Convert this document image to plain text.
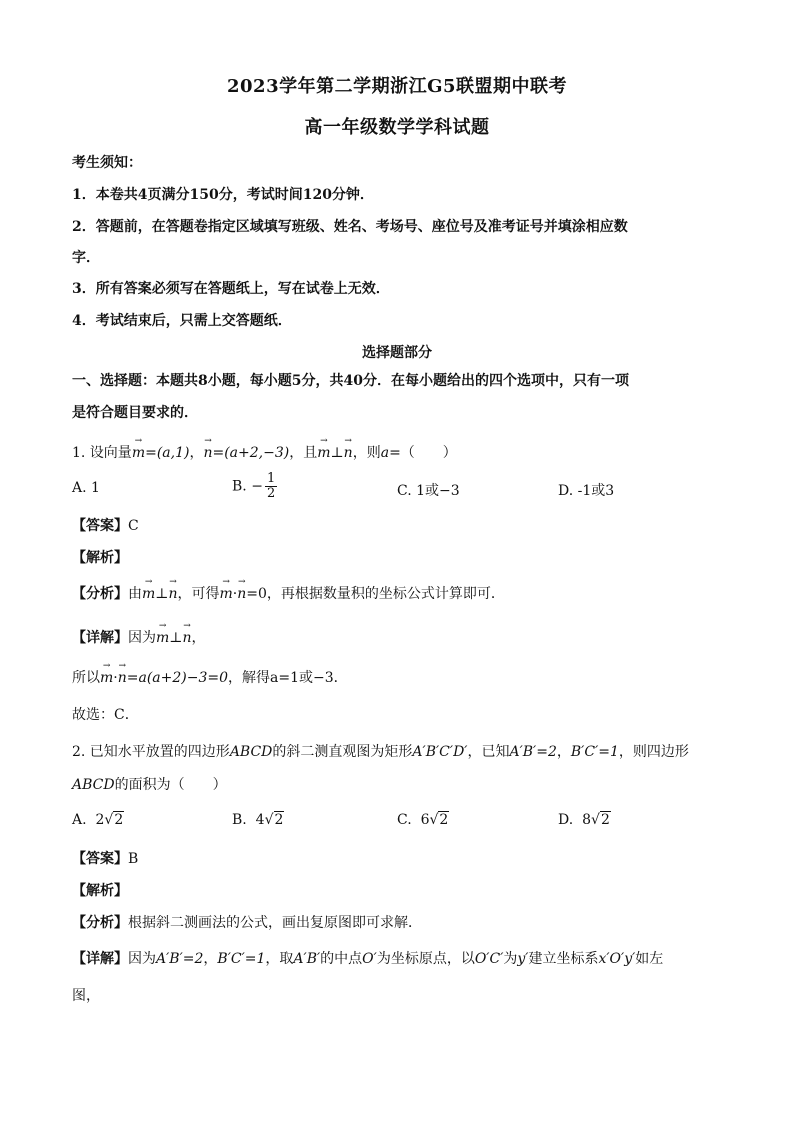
2023学年第二学期浙江G5联盟期中联考
高一年级数学学科试题
考生须知：
1．本卷共4页满分150分，考试时间120分钟．
2．答题前，在答题卷指定区域填写班级、姓名、考场号、座位号及准考证号并填涂相应数
字．
3．所有答案必须写在答题纸上，写在试卷上无效．
4．考试结束后，只需上交答题纸．
选择题部分
一、选择题：本题共8小题，每小题5分，共40分．在每小题给出的四个选项中，只有一项
是符合题目要求的．
1. 设向量→ m=(a,1)，→ n=(a+2,−3)，且→ m⊥→ n，则a=（　　）
A. 1	B. − $\frac{1}{2}$	C. 1或−3	D. -1或3
【答案】C
【解析】
【分析】由→ m⊥→ n，可得→ m·→ n=0，再根据数量积的坐标公式计算即可．
【详解】因为→ m⊥→ n，
所以→ m·→ n=a(a+2)−3=0，解得a=1或−3．
故选：C．
2. 已知水平放置的四边形ABCD的斜二测直观图为矩形A′B′C′D′，已知A′B′=2，B′C′=1，则四边形
ABCD的面积为（　　）
A. 2√2	B. 4√2	C. 6√2	D. 8√2
【答案】B
【解析】
【分析】根据斜二测画法的公式，画出复原图即可求解．
【详解】因为A′B′=2，B′C′=1，取A′B′的中点O′为坐标原点，以O′C′为y′建立坐标系x′O′y′如左
图，
